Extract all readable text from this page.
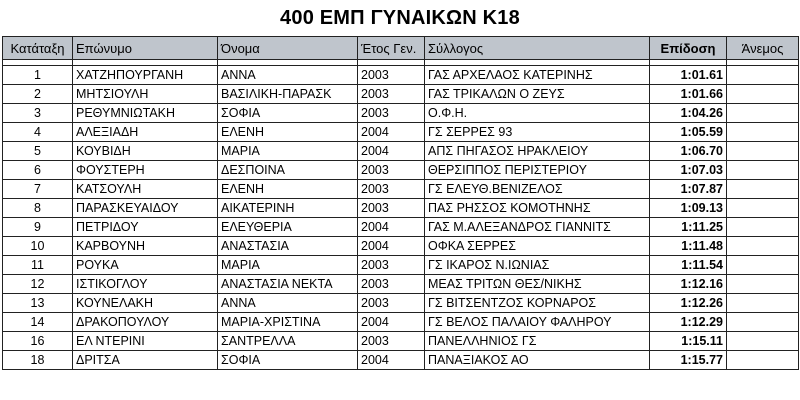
400 ΕΜΠ ΓΥΝΑΙΚΩΝ Κ18
Κατάταξη	Επώνυμο	Όνομα	Έτος Γεν.	Σύλλογος	Επίδοση	Άνεμος

1	ΧΑΤΖΗΠΟΥΡΓΑΝΗ	ΑΝΝΑ	2003	ΓΑΣ ΑΡΧΕΛΑΟΣ ΚΑΤΕΡΙΝΗΣ	1:01.61	
2	ΜΗΤΣΙΟΥΛΗ	ΒΑΣΙΛΙΚΗ-ΠΑΡΑΣΚ	2003	ΓΑΣ ΤΡΙΚΑΛΩΝ Ο ΖΕΥΣ	1:01.66	
3	ΡΕΘΥΜΝΙΩΤΑΚΗ	ΣΟΦΙΑ	2003	Ο.Φ.Η.	1:04.26	
4	ΑΛΕΞΙΑΔΗ	ΕΛΕΝΗ	2004	ΓΣ ΣΕΡΡΕΣ 93	1:05.59	
5	ΚΟΥΒΙΔΗ	ΜΑΡΙΑ	2004	ΑΠΣ ΠΗΓΑΣΟΣ ΗΡΑΚΛΕΙΟΥ	1:06.70	
6	ΦΟΥΣΤΕΡΗ	ΔΕΣΠΟΙΝΑ	2003	ΘΕΡΣΙΠΠΟΣ ΠΕΡΙΣΤΕΡΙΟΥ	1:07.03	
7	ΚΑΤΣΟΥΛΗ	ΕΛΕΝΗ	2003	ΓΣ ΕΛΕΥΘ.ΒΕΝΙΖΕΛΟΣ	1:07.87	
8	ΠΑΡΑΣΚΕΥΑΙΔΟΥ	ΑΙΚΑΤΕΡΙΝΗ	2003	ΠΑΣ ΡΗΣΣΟΣ ΚΟΜΟΤΗΝΗΣ	1:09.13	
9	ΠΕΤΡΙΔΟΥ	ΕΛΕΥΘΕΡΙΑ	2004	ΓΑΣ Μ.ΑΛΕΞΑΝΔΡΟΣ ΓΙΑΝΝΙΤΣ	1:11.25	
10	ΚΑΡΒΟΥΝΗ	ΑΝΑΣΤΑΣΙΑ	2004	ΟΦΚΑ ΣΕΡΡΕΣ	1:11.48	
11	ΡΟΥΚΑ	ΜΑΡΙΑ	2003	ΓΣ ΙΚΑΡΟΣ Ν.ΙΩΝΙΑΣ	1:11.54	
12	ΙΣΤΙΚΟΓΛΟΥ	ΑΝΑΣΤΑΣΙΑ ΝΕΚΤΑ	2003	ΜΕΑΣ ΤΡΙΤΩΝ ΘΕΣ/ΝΙΚΗΣ	1:12.16	
13	ΚΟΥΝΕΛΑΚΗ	ΑΝΝΑ	2003	ΓΣ ΒΙΤΣΕΝΤΖΟΣ ΚΟΡΝΑΡΟΣ	1:12.26	
14	ΔΡΑΚΟΠΟΥΛΟΥ	ΜΑΡΙΑ-ΧΡΙΣΤΙΝΑ	2004	ΓΣ ΒΕΛΟΣ ΠΑΛΑΙΟΥ ΦΑΛΗΡΟΥ	1:12.29	
16	ΕΛ ΝΤΕΡΙΝΙ	ΣΑΝΤΡΕΛΛΑ	2003	ΠΑΝΕΛΛΗΝΙΟΣ ΓΣ	1:15.11	
18	ΔΡΙΤΣΑ	ΣΟΦΙΑ	2004	ΠΑΝΑΞΙΑΚΟΣ ΑΟ	1:15.77	
